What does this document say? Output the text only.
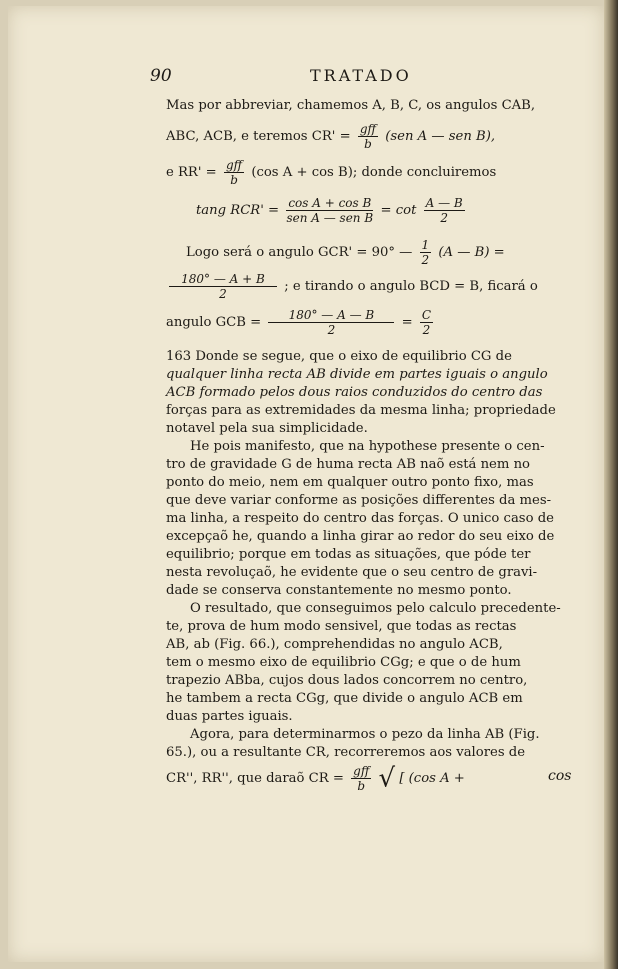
90	TRATADO
Mas por abbreviar, chamemos A, B, C, os angulos CAB,
ABC, ACB, e teremos $CR' = \frac{\text{gff}}{b} (sen$ A — sen B),
e $RR' = \frac{\text{gff}}{b} (\cos$ A + cos B); donde concluiremos
tang $RCR' = \frac{\text{cos A + cos B}}{\text{sen A — sen B}} = \cot \frac{A — B}{2}$
Logo será o angulo GCR' = 90° — $\frac{1}{2} (A$ — B) =
$\frac{180^\circ — A + B}{2}$ ; e tirando o angulo BCD = B, ficará o
angulo GCB = $\frac{180^\circ — A — B}{2} = \frac{C}{2}$
163 Donde se segue, que o eixo de equilibrio CG de
qualquer linha recta AB divide em partes iguais o angulo
ACB formado pelos dous raios conduzidos do centro das
forças para as extremidades da mesma linha; propriedade
notavel pela sua simplicidade.
He pois manifesto, que na hypothese presente o cen-
tro de gravidade G de huma recta AB naõ está nem no
ponto do meio, nem em qualquer outro ponto fixo, mas
que deve variar conforme as posições differentes da mes-
ma linha, a respeito do centro das forças. O unico caso de
excepçaõ he, quando a linha girar ao redor do seu eixo de
equilibrio; porque em todas as situações, que póde ter
nesta revoluçaõ, he evidente que o seu centro de gravi-
dade se conserva constantemente no mesmo ponto.
O resultado, que conseguimos pelo calculo precedente-
te, prova de hum modo sensivel, que todas as rectas
AB, ab (Fig. 66.), comprehendidas no angulo ACB,
tem o mesmo eixo de equilibrio CGg; e que o de hum
trapezio ABba, cujos dous lados concorrem no centro,
he tambem a recta CGg, que divide o angulo ACB em
duas partes iguais.
Agora, para determinarmos o pezo da linha AB (Fig.
65.), ou a resultante CR, recorreremos aos valores de
CR'', RR'', que daraõ CR = $\frac{\text{gff}}{b}$ √ [ (cos A +	cos
